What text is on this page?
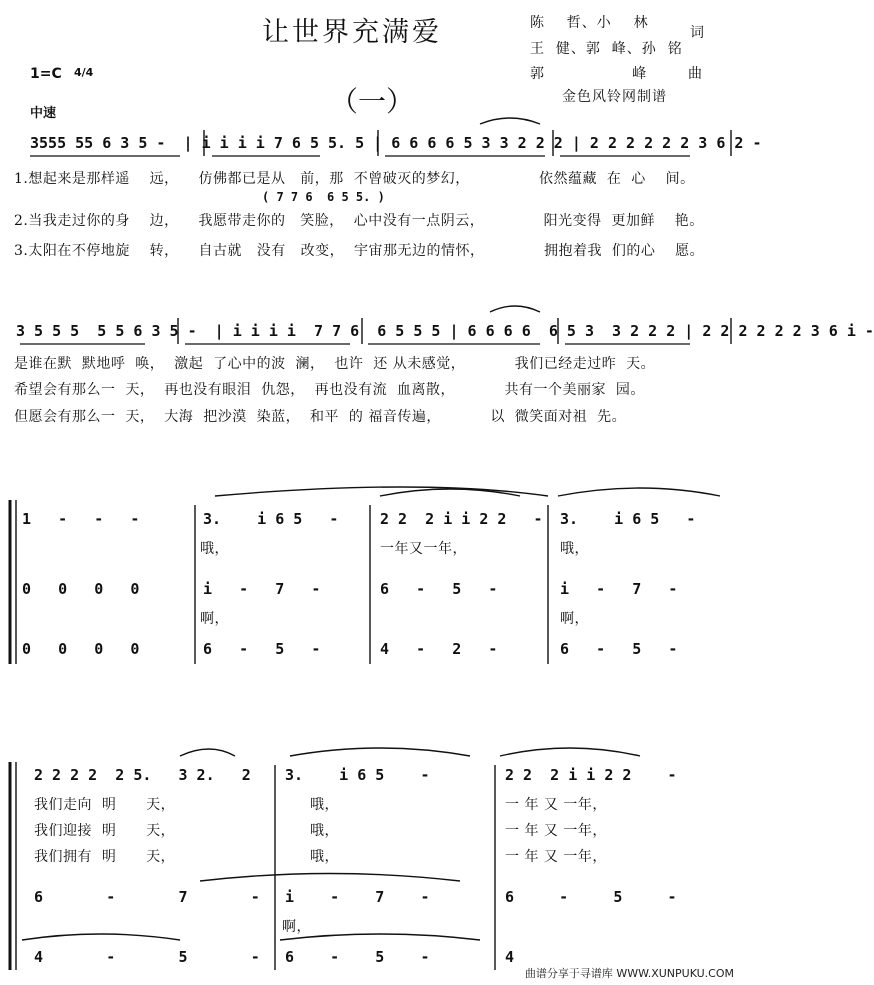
让世界充满爱	陈    哲、小    林
词
王  健、郭  峰、孙  铭
郭                峰	曲
金色风铃网制谱
（一）
1=C 4/4
中速
3555 55 6 3 5 -  | i i i i 7 6 5 5. 5 | 6 6 6 6 5 3 3 2 2 2 | 2 2 2 2 2 2 3 6 2 -
( 7 7 6  6 5 5. )
1.想起来是那样遥    远，    仿佛都已是从   前，那  不曾破灭的梦幻，              依然蕴藏  在  心    间。
2.当我走过你的身    边，    我愿带走你的   笑脸，  心中没有一点阴云，            阳光变得  更加鲜    艳。
3.太阳在不停地旋    转，    自古就   没有   改变，  宇宙那无边的情怀，            拥抱着我  们的心    愿。
3 5 5 5  5 5 6 3 5 -  | i i i i  7 7 6  6 5 5 5 | 6 6 6 6  6 5 3  3 2 2 2 | 2 2 2 2 2 2 3 6 i -
是谁在默  默地呼  唤，  激起  了心中的波  澜，  也许  还 从未感觉，          我们已经走过昨  天。
希望会有那么一  天，  再也没有眼泪  仇怨，  再也没有流  血离散，          共有一个美丽家  园。
但愿会有那么一  天，  大海  把沙漠  染蓝，  和平  的 福音传遍，          以  微笑面对祖  先。
1   -   -   -	3.    i 6 5   -	2 2  2 i i 2 2   - 3.    i 6 5   -
哦，	一年又一年，	哦，
0   0   0   0	i   -   7   -	6   -   5   -	i   -   7   -
啊，	啊，
0   0   0   0	6   -   5   -	4   -   2   -	6   -   5   -
2 2 2 2  2 5.   3 2.   2 3.    i 6 5    -	2 2  2 i i 2 2    -
我们走向  明      天，	哦，	一 年 又 一年，
我们迎接  明      天，	哦，	一 年 又 一年，
我们拥有  明      天，	哦，	一 年 又 一年，
6       -       7       - i    -    7    -	6     -     5     -
啊，
4       -       5       - 6    -    5    -	4
曲谱分享于寻谱库 WWW.XUNPUKU.COM
